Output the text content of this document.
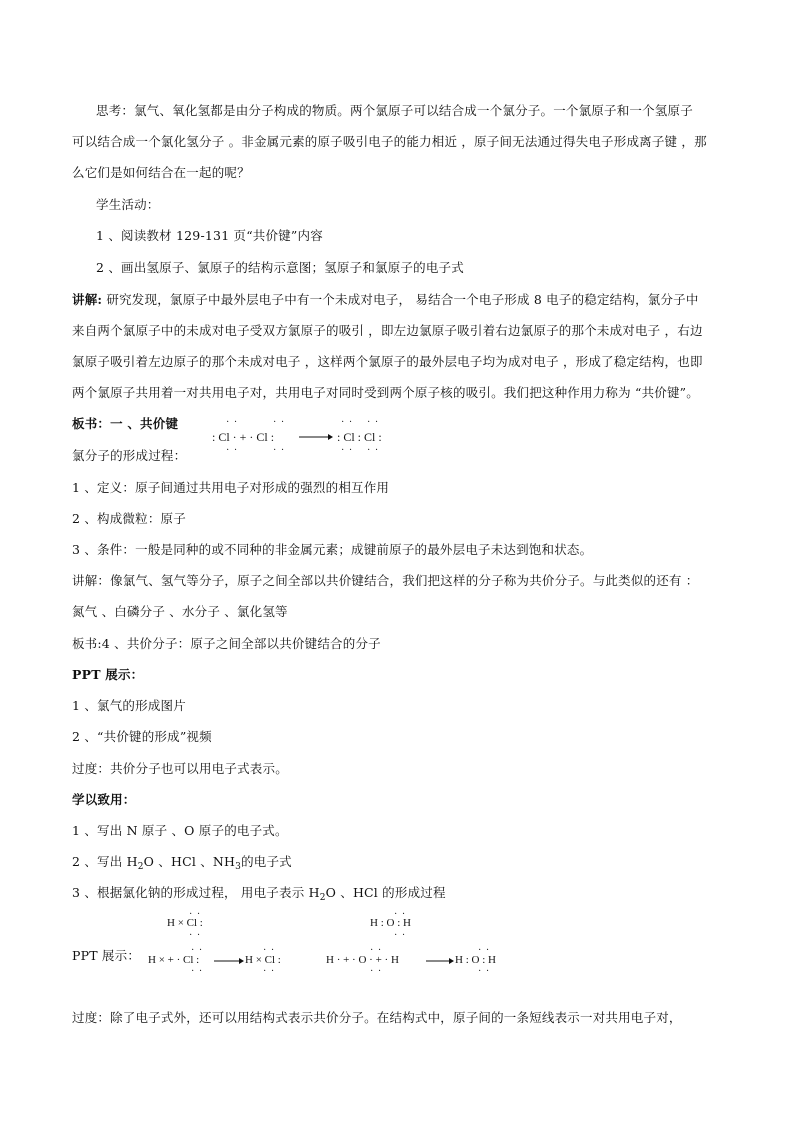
思考：氯气、氧化氢都是由分子构成的物质。两个氯原子可以结合成一个氯分子。一个氯原子和一个氢原子
可以结合成一个氯化氢分子 。非金属元素的原子吸引电子的能力相近 ，原子间无法通过得失电子形成离子键 ，那
么它们是如何结合在一起的呢？
学生活动：
1 、阅读教材 129-131 页“共价键”内容
2 、画出氢原子、氯原子的结构示意图；氢原子和氯原子的电子式
讲解: 研究发现，氯原子中最外层电子中有一个未成对电子， 易结合一个电子形成 8 电子的稳定结构，氯分子中
来自两个氯原子中的未成对电子受双方氯原子的吸引 ，即左边氯原子吸引着右边氯原子的那个未成对电子 ，右边
氯原子吸引着左边原子的那个未成对电子 ，这样两个氯原子的最外层电子均为成对电子 ，形成了稳定结构，也即
两个氯原子共用着一对共用电子对，共用电子对同时受到两个原子核的吸引。我们把这种作用力称为 “共价键”。
板书：一 、共价键
氯分子的形成过程：
· ·	· ·	· · · ·
: Cl · + · Cl : → : Cl : Cl :
· ·	· ·	· · · ·
1 、定义：原子间通过共用电子对形成的强烈的相互作用
2 、构成微粒：原子
3 、条件：一般是同种的或不同种的非金属元素；成键前原子的最外层电子未达到饱和状态。
讲解：像氯气、氢气等分子，原子之间全部以共价键结合，我们把这样的分子称为共价分子。与此类似的还有 ：
氮气 、白磷分子 、水分子 、氯化氢等
板书:4 、共价分子：原子之间全部以共价键结合的分子
PPT 展示：
1 、氯气的形成图片
2 、“共价键的形成”视频
过度：共价分子也可以用电子式表示。
学以致用：
1 、写出 N 原子 、O 原子的电子式。
2 、写出 $H_2O$ 、HCl 、$NH_3$的电子式
3 、根据氯化钠的形成过程， 用电子表示 $H_2O$ 、HCl 的形成过程
· ·
H × Cl :
· ·
· ·
H : O : H
· ·
PPT 展示：	· ·
H × + · Cl : →
· ·
H × Cl :
· ·	· ·
· ·
H · + · O · + · H
· ·
H : O : H
· ·	· ·
过度：除了电子式外，还可以用结构式表示共价分子。在结构式中，原子间的一条短线表示一对共用电子对，
